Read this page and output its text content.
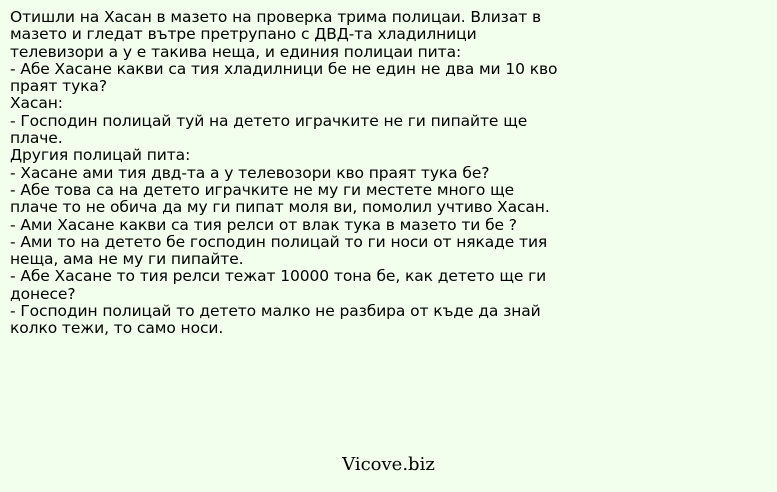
Отишли на Хасан в мазето на проверка трима полицаи. Влизат в
мазето и гледат вътре претрупано с ДВД-та хладилници
телевизори а у е такива неща, и единия полицаи пита:
- Абе Хасане какви са тия хладилници бе не един не два ми 10 кво
праят тука?
Хасан:
- Господин полицай туй на детето играчките не ги пипайте ще
плаче.
Другия полицай пита:
- Хасане ами тия двд-та а у телевозори кво праят тука бе?
- Абе това са на детето играчките не му ги местете много ще
плаче то не обича да му ги пипат моля ви, помолил учтиво Хасан.
- Ами Хасане какви са тия релси от влак тука в мазето ти бе ?
- Ами то на детето бе господин полицай то ги носи от някаде тия
неща, ама не му ги пипайте.
- Абе Хасане то тия релси тежат 10000 тона бе, как детето ще ги
донесе?
- Господин полицай то детето малко не разбира от къде да знай
колко тежи, то само носи.
Vicove.biz
